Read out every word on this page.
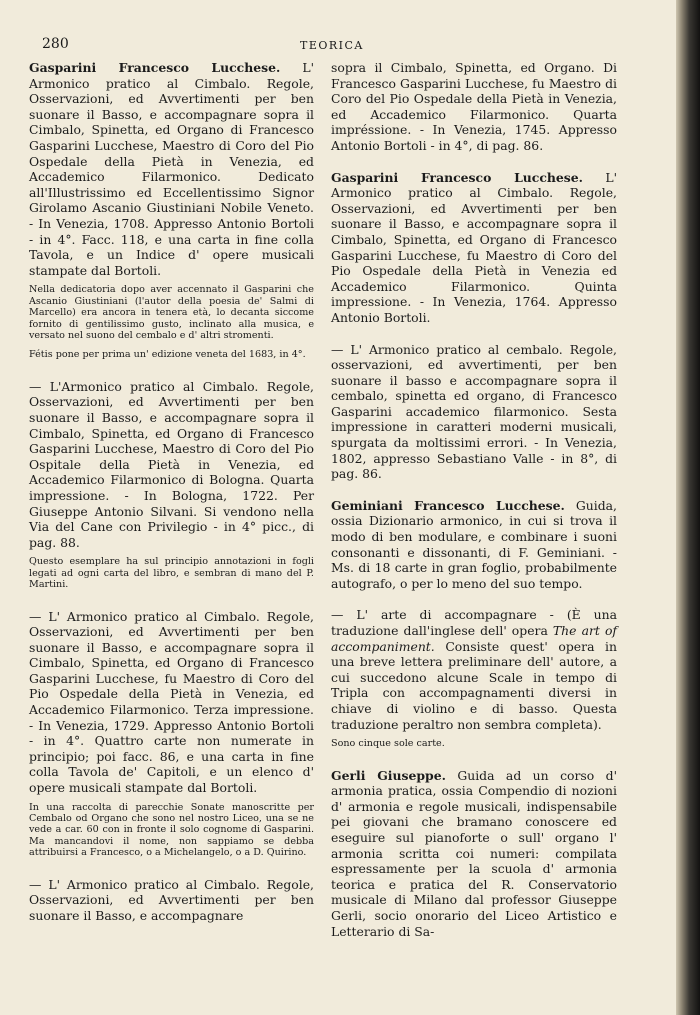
280	TEORICA

Gasparini Francesco Lucchese. L' Armonico pratico al Cimbalo. Regole, Osservazioni, ed Avvertimenti per ben suonare il Basso, e accompagnare sopra il Cimbalo, Spinetta, ed Organo di Francesco Gasparini Lucchese, Maestro di Coro del Pio Ospedale della Pietà in Venezia, ed Accademico Filarmonico. Dedicato all'Illustrissimo ed Eccellentissimo Signor Girolamo Ascanio Giustiniani Nobile Veneto. - In Venezia, 1708. Appresso Antonio Bortoli - in 4°. Facc. 118, e una carta in fine colla Tavola, e un Indice d' opere musicali stampate dal Bortoli.

Nella dedicatoria dopo aver accennato il Gasparini che Ascanio Giustiniani (l'autor della poesia de' Salmi di Marcello) era ancora in tenera età, lo decanta siccome fornito di gentilissimo gusto, inclinato alla musica, e versato nel suono del cembalo e d' altri stromenti.

Fétis pone per prima un' edizione veneta del 1683, in 4°.

— L'Armonico pratico al Cimbalo. Regole, Osservazioni, ed Avvertimenti per ben suonare il Basso, e accompagnare sopra il Cimbalo, Spinetta, ed Organo di Francesco Gasparini Lucchese, Maestro di Coro del Pio Ospitale della Pietà in Venezia, ed Accademico Filarmonico di Bologna. Quarta impressione. - In Bologna, 1722. Per Giuseppe Antonio Silvani. Si vendono nella Via del Cane con Privilegio - in 4° picc., di pag. 88.

Questo esemplare ha sul principio annotazioni in fogli legati ad ogni carta del libro, e sembran di mano del P. Martini.

— L' Armonico pratico al Cimbalo. Regole, Osservazioni, ed Avvertimenti per ben suonare il Basso, e accompagnare sopra il Cimbalo, Spinetta, ed Organo di Francesco Gasparini Lucchese, fu Maestro di Coro del Pio Ospedale della Pietà in Venezia, ed Accademico Filarmonico. Terza impressione. - In Venezia, 1729. Appresso Antonio Bortoli - in 4°. Quattro carte non numerate in principio; poi facc. 86, e una carta in fine colla Tavola de' Capitoli, e un elenco d' opere musicali stampate dal Bortoli.

In una raccolta di parecchie Sonate manoscritte per Cembalo od Organo che sono nel nostro Liceo, una se ne vede a car. 60 con in fronte il solo cognome di Gasparini. Ma mancandovi il nome, non sappiamo se debba attribuirsi a Francesco, o a Michelangelo, o a D. Quirino.

— L' Armonico pratico al Cimbalo. Regole, Osservazioni, ed Avvertimenti per ben suonare il Basso, e accompagnare

sopra il Cimbalo, Spinetta, ed Organo. Di Francesco Gasparini Lucchese, fu Maestro di Coro del Pio Ospedale della Pietà in Venezia, ed Accademico Filarmonico. Quarta impréssione. - In Venezia, 1745. Appresso Antonio Bortoli - in 4°, di pag. 86.

Gasparini Francesco Lucchese. L' Armonico pratico al Cimbalo. Regole, Osservazioni, ed Avvertimenti per ben suonare il Basso, e accompagnare sopra il Cimbalo, Spinetta, ed Organo di Francesco Gasparini Lucchese, fu Maestro di Coro del Pio Ospedale della Pietà in Venezia ed Accademico Filarmonico. Quinta impressione. - In Venezia, 1764. Appresso Antonio Bortoli.

— L' Armonico pratico al cembalo. Regole, osservazioni, ed avvertimenti, per ben suonare il basso e accompagnare sopra il cembalo, spinetta ed organo, di Francesco Gasparini accademico filarmonico. Sesta impressione in caratteri moderni musicali, spurgata da moltissimi errori. - In Venezia, 1802, appresso Sebastiano Valle - in 8°, di pag. 86.

Geminiani Francesco Lucchese. Guida, ossia Dizionario armonico, in cui si trova il modo di ben modulare, e combinare i suoni consonanti e dissonanti, di F. Geminiani. - Ms. di 18 carte in gran foglio, probabilmente autografo, o per lo meno del suo tempo.

— L' arte di accompagnare - (È una traduzione dall'inglese dell' opera The art of accompaniment. Consiste quest' opera in una breve lettera preliminare dell' autore, a cui succedono alcune Scale in tempo di Tripla con accompagnamenti diversi in chiave di violino e di basso. Questa traduzione peraltro non sembra completa).

Sono cinque sole carte.

Gerli Giuseppe. Guida ad un corso d' armonia pratica, ossia Compendio di nozioni d' armonia e regole musicali, indispensabile pei giovani che bramano conoscere ed eseguire sul pianoforte o sull' organo l' armonia scritta coi numeri: compilata espressamente per la scuola d' armonia teorica e pratica del R. Conservatorio musicale di Milano dal professor Giuseppe Gerli, socio onorario del Liceo Artistico e Letterario di Sa-
